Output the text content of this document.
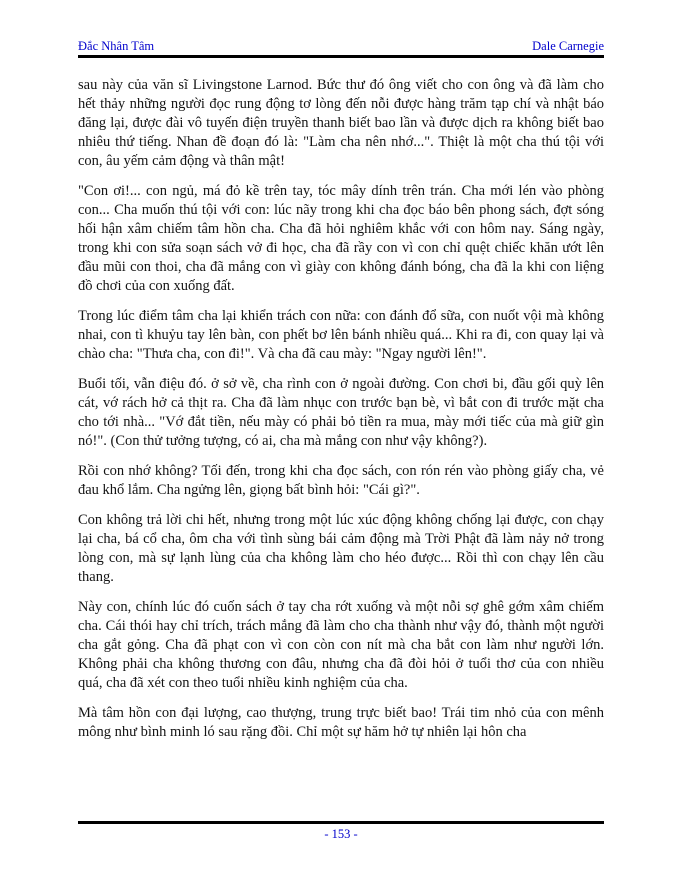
Đắc Nhân Tâm	Dale Carnegie

sau này của văn sĩ Livingstone Larnod. Bức thư đó ông viết cho con ông và đã làm cho hết thảy những người đọc rung động tơ lòng đến nỗi được hàng trăm tạp chí và nhật báo đăng lại, được đài vô tuyến điện truyền thanh biết bao lần và được dịch ra không biết bao nhiêu thứ tiếng. Nhan đề đoạn đó là: "Làm cha nên nhớ...". Thiệt là một cha thú tội với con, âu yếm cảm động và thân mật!

"Con ơi!... con ngủ, má đỏ kề trên tay, tóc mây dính trên trán. Cha mới lén vào phòng con... Cha muốn thú tội với con: lúc nãy trong khi cha đọc báo bên phong sách, đợt sóng hối hận xâm chiếm tâm hồn cha. Cha đã hỏi nghiêm khắc với con hôm nay. Sáng ngày, trong khi con sửa soạn sách vở đi học, cha đã rầy con vì con chỉ quệt chiếc khăn ướt lên đầu mũi con thoi, cha đã mắng con vì giày con không đánh bóng, cha đã la khi con liệng đồ chơi của con xuống đất.

Trong lúc điểm tâm cha lại khiển trách con nữa: con đánh đổ sữa, con nuốt vội mà không nhai, con tì khuỷu tay lên bàn, con phết bơ lên bánh nhiều quá... Khi ra đi, con quay lại và chào cha: "Thưa cha, con đi!". Và cha đã cau mày: "Ngay người lên!".

Buổi tối, vẫn điệu đó. ở sở về, cha rình con ở ngoài đường. Con chơi bi, đầu gối quỳ lên cát, vớ rách hở cả thịt ra. Cha đã làm nhục con trước bạn bè, vì bắt con đi trước mặt cha cho tới nhà... "Vớ đắt tiền, nếu mày có phải bỏ tiền ra mua, mày mới tiếc của mà giữ gìn nó!". (Con thử tưởng tượng, có ai, cha mà mắng con như vậy không?).

Rồi con nhớ không? Tối đến, trong khi cha đọc sách, con rón rén vào phòng giấy cha, vẻ đau khổ lắm. Cha ngửng lên, giọng bất bình hỏi: "Cái gì?".

Con không trả lời chi hết, nhưng trong một lúc xúc động không chống lại được, con chạy lại cha, bá cổ cha, ôm cha với tình sùng bái cảm động mà Trời Phật đã làm nảy nở trong lòng con, mà sự lạnh lùng của cha không làm cho héo được... Rồi thì con chạy lên cầu thang.

Này con, chính lúc đó cuốn sách ở tay cha rớt xuống và một nỗi sợ ghê gớm xâm chiếm cha. Cái thói hay chỉ trích, trách mắng đã làm cho cha thành như vậy đó, thành một người cha gắt gỏng. Cha đã phạt con vì con còn con nít mà cha bắt con làm như người lớn. Không phải cha không thương con đâu, nhưng cha đã đòi hỏi ở tuổi thơ của con nhiều quá, cha đã xét con theo tuổi nhiều kinh nghiệm của cha.

Mà tâm hồn con đại lượng, cao thượng, trung trực biết bao! Trái tim nhỏ của con mênh mông như bình minh ló sau rặng đồi. Chỉ một sự hăm hở tự nhiên lại hôn cha

- 153 -
